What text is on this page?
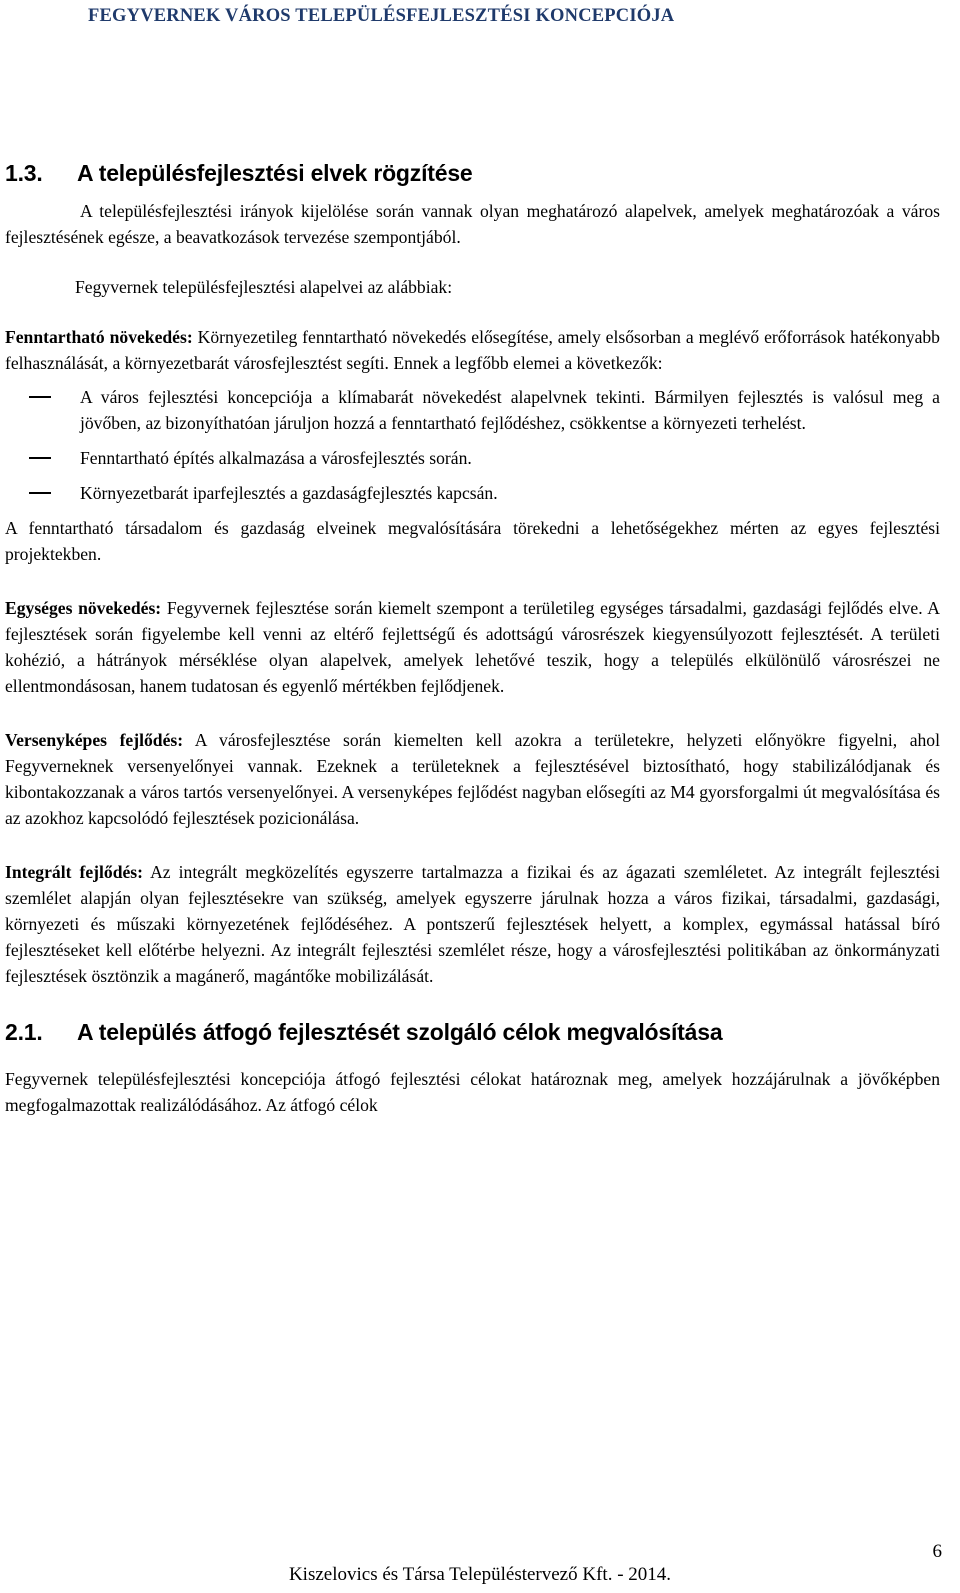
FEGYVERNEK VÁROS TELEPÜLÉSFEJLESZTÉSI KONCEPCIÓJA
1.3.	A településfejlesztési elvek rögzítése

A településfejlesztési irányok kijelölése során vannak olyan meghatározó alapelvek, amelyek meghatározóak a város fejlesztésének egésze, a beavatkozások tervezése szempontjából.

Fegyvernek településfejlesztési alapelvei az alábbiak:

Fenntartható növekedés: Környezetileg fenntartható növekedés elősegítése, amely elsősorban a meglévő erőforrások hatékonyabb felhasználását, a környezetbarát városfejlesztést segíti. Ennek a legfőbb elemei a következők:

A város fejlesztési koncepciója a klímabarát növekedést alapelvnek tekinti. Bármilyen fejlesztés is valósul meg a jövőben, az bizonyíthatóan járuljon hozzá a fenntartható fejlődéshez, csökkentse a környezeti terhelést.
Fenntartható építés alkalmazása a városfejlesztés során.
Környezetbarát iparfejlesztés a gazdaságfejlesztés kapcsán.

A fenntartható társadalom és gazdaság elveinek megvalósítására törekedni a lehetőségekhez mérten az egyes fejlesztési projektekben.

Egységes növekedés: Fegyvernek fejlesztése során kiemelt szempont a területileg egységes társadalmi, gazdasági fejlődés elve. A fejlesztések során figyelembe kell venni az eltérő fejlettségű és adottságú városrészek kiegyensúlyozott fejlesztését. A területi kohézió, a hátrányok mérséklése olyan alapelvek, amelyek lehetővé teszik, hogy a település elkülönülő városrészei ne ellentmondásosan, hanem tudatosan és egyenlő mértékben fejlődjenek.

Versenyképes fejlődés: A városfejlesztése során kiemelten kell azokra a területekre, helyzeti előnyökre figyelni, ahol Fegyverneknek versenyelőnyei vannak. Ezeknek a területeknek a fejlesztésével biztosítható, hogy stabilizálódjanak és kibontakozzanak a város tartós versenyelőnyei. A versenyképes fejlődést nagyban elősegíti az M4 gyorsforgalmi út megvalósítása és az azokhoz kapcsolódó fejlesztések pozicionálása.

Integrált fejlődés: Az integrált megközelítés egyszerre tartalmazza a fizikai és az ágazati szemléletet. Az integrált fejlesztési szemlélet alapján olyan fejlesztésekre van szükség, amelyek egyszerre járulnak hozza a város fizikai, társadalmi, gazdasági, környezeti és műszaki környezetének fejlődéséhez. A pontszerű fejlesztések helyett, a komplex, egymással hatással bíró fejlesztéseket kell előtérbe helyezni. Az integrált fejlesztési szemlélet része, hogy a városfejlesztési politikában az önkormányzati fejlesztések ösztönzik a magánerő, magántőke mobilizálását.

2.1.	A település átfogó fejlesztését szolgáló célok megvalósítása

Fegyvernek településfejlesztési koncepciója átfogó fejlesztési célokat határoznak meg, amelyek hozzájárulnak a jövőképben megfogalmazottak realizálódásához. Az átfogó célok

6
Kiszelovics és Társa Településtervező Kft. - 2014.
